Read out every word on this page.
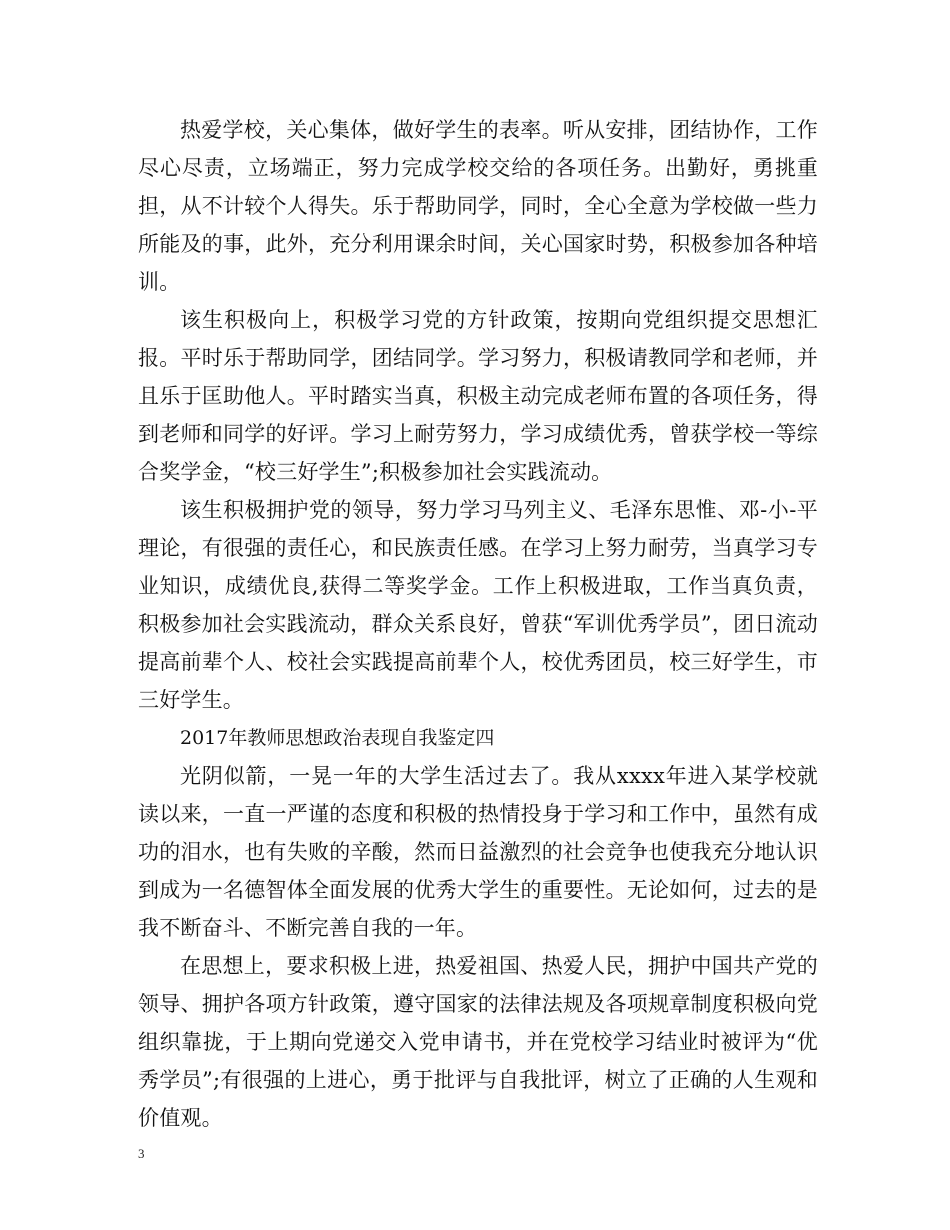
热爱学校，关心集体，做好学生的表率。听从安排，团结协作，工作尽心尽责，立场端正，努力完成学校交给的各项任务。出勤好，勇挑重担，从不计较个人得失。乐于帮助同学，同时，全心全意为学校做一些力所能及的事，此外，充分利用课余时间，关心国家时势，积极参加各种培训。

该生积极向上，积极学习党的方针政策，按期向党组织提交思想汇报。平时乐于帮助同学，团结同学。学习努力，积极请教同学和老师，并且乐于匡助他人。平时踏实当真，积极主动完成老师布置的各项任务，得到老师和同学的好评。学习上耐劳努力，学习成绩优秀，曾获学校一等综合奖学金，“校三好学生”;积极参加社会实践流动。

该生积极拥护党的领导，努力学习马列主义、毛泽东思惟、邓-小-平理论，有很强的责任心，和民族责任感。在学习上努力耐劳，当真学习专业知识，成绩优良,获得二等奖学金。工作上积极进取，工作当真负责，积极参加社会实践流动，群众关系良好，曾获“军训优秀学员”，团日流动提高前辈个人、校社会实践提高前辈个人，校优秀团员，校三好学生，市三好学生。

2017年教师思想政治表现自我鉴定四

光阴似箭，一晃一年的大学生活过去了。我从xxxx年进入某学校就读以来，一直一严谨的态度和积极的热情投身于学习和工作中，虽然有成功的泪水，也有失败的辛酸，然而日益激烈的社会竞争也使我充分地认识到成为一名德智体全面发展的优秀大学生的重要性。无论如何，过去的是我不断奋斗、不断完善自我的一年。

在思想上，要求积极上进，热爱祖国、热爱人民，拥护中国共产党的领导、拥护各项方针政策，遵守国家的法律法规及各项规章制度积极向党组织靠拢，于上期向党递交入党申请书，并在党校学习结业时被评为“优秀学员”;有很强的上进心，勇于批评与自我批评，树立了正确的人生观和价值观。

3
